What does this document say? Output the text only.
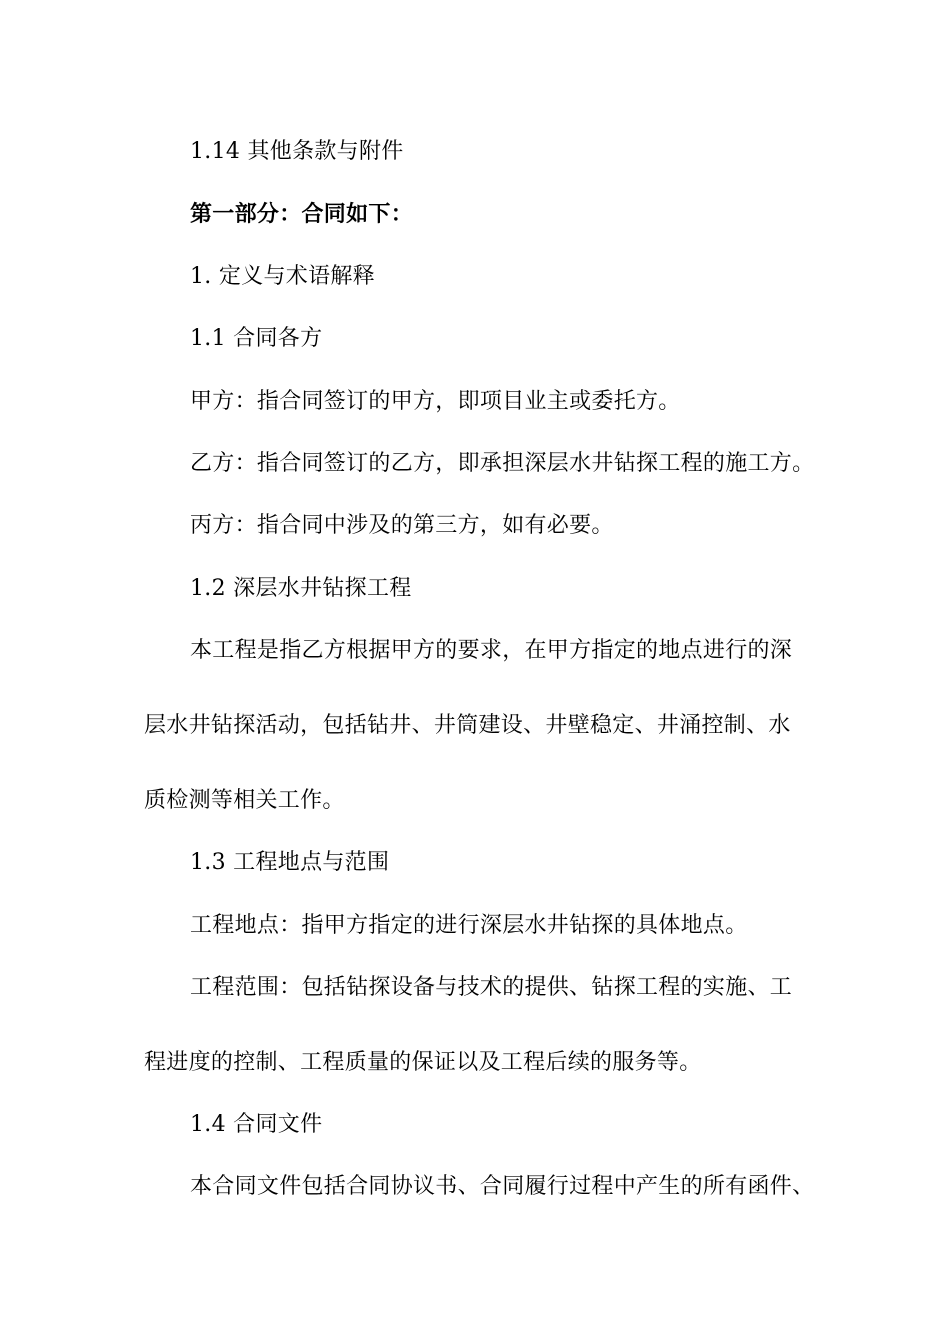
1.14 其他条款与附件
第一部分：合同如下：
1. 定义与术语解释
1.1 合同各方
甲方：指合同签订的甲方，即项目业主或委托方。
乙方：指合同签订的乙方，即承担深层水井钻探工程的施工方。
丙方：指合同中涉及的第三方，如有必要。
1.2 深层水井钻探工程
本工程是指乙方根据甲方的要求，在甲方指定的地点进行的深
层水井钻探活动，包括钻井、井筒建设、井壁稳定、井涌控制、水
质检测等相关工作。
1.3 工程地点与范围
工程地点：指甲方指定的进行深层水井钻探的具体地点。
工程范围：包括钻探设备与技术的提供、钻探工程的实施、工
程进度的控制、工程质量的保证以及工程后续的服务等。
1.4 合同文件
本合同文件包括合同协议书、合同履行过程中产生的所有函件、
